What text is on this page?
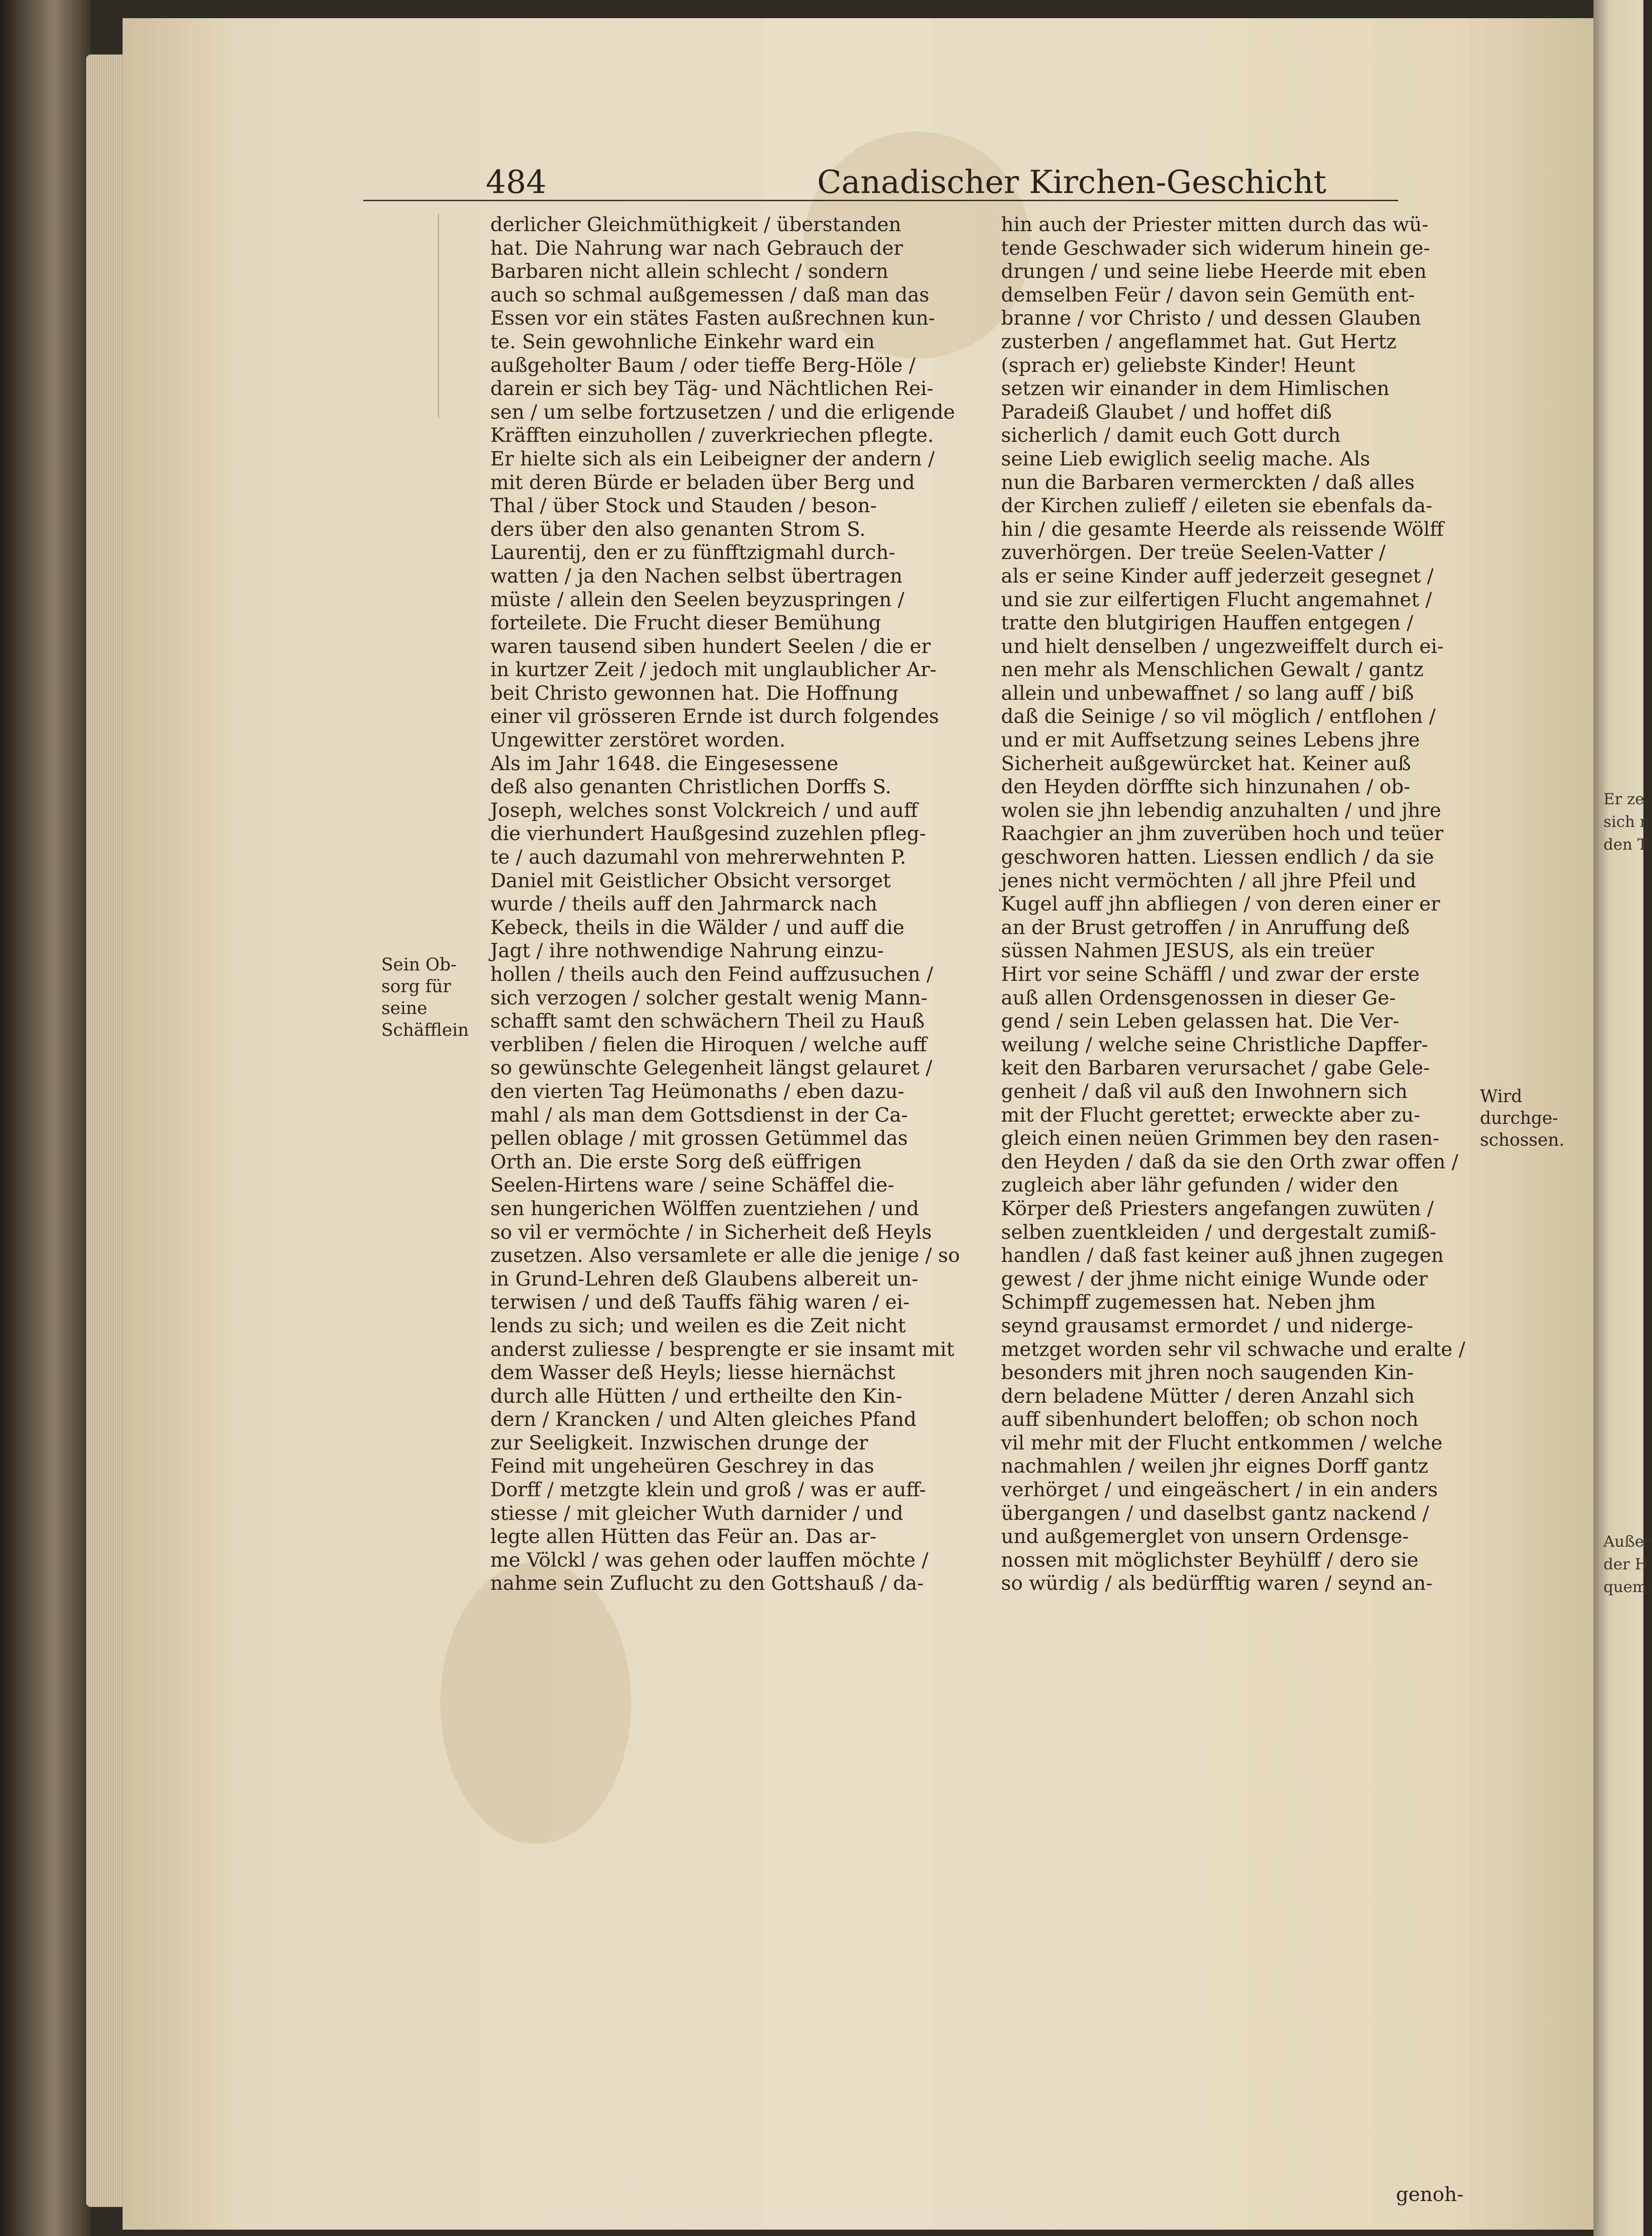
Er ze
sich n
den T
Außer
der H
quem,
484	Canadischer Kirchen-Geschicht
Sein Ob-
sorg für
seine
Schäfflein
Wird
durchge-
schossen.
derlicher Gleichmüthigkeit / überstanden
hat. Die Nahrung war nach Gebrauch der
Barbaren nicht allein schlecht / sondern
auch so schmal außgemessen / daß man das
Essen vor ein stätes Fasten außrechnen kun-
te. Sein gewohnliche Einkehr ward ein
außgeholter Baum / oder tieffe Berg-Höle /
darein er sich bey Täg- und Nächtlichen Rei-
sen / um selbe fortzusetzen / und die erligende
Kräfften einzuhollen / zuverkriechen pflegte.
Er hielte sich als ein Leibeigner der andern /
mit deren Bürde er beladen über Berg und
Thal / über Stock und Stauden / beson-
ders über den also genanten Strom S.
Laurentij, den er zu fünfftzigmahl durch-
watten / ja den Nachen selbst übertragen
müste / allein den Seelen beyzuspringen /
forteilete. Die Frucht dieser Bemühung
waren tausend siben hundert Seelen / die er
in kurtzer Zeit / jedoch mit unglaublicher Ar-
beit Christo gewonnen hat. Die Hoffnung
einer vil grösseren Ernde ist durch folgendes
Ungewitter zerstöret worden.
Als im Jahr 1648. die Eingesessene
deß also genanten Christlichen Dorffs S.
Joseph, welches sonst Volckreich / und auff
die vierhundert Haußgesind zuzehlen pfleg-
te / auch dazumahl von mehrerwehnten P.
Daniel mit Geistlicher Obsicht versorget
wurde / theils auff den Jahrmarck nach
Kebeck, theils in die Wälder / und auff die
Jagt / ihre nothwendige Nahrung einzu-
hollen / theils auch den Feind auffzusuchen /
sich verzogen / solcher gestalt wenig Mann-
schafft samt den schwächern Theil zu Hauß
verbliben / fielen die Hiroquen / welche auff
so gewünschte Gelegenheit längst gelauret /
den vierten Tag Heümonaths / eben dazu-
mahl / als man dem Gottsdienst in der Ca-
pellen oblage / mit grossen Getümmel das
Orth an. Die erste Sorg deß eüffrigen
Seelen-Hirtens ware / seine Schäffel die-
sen hungerichen Wölffen zuentziehen / und
so vil er vermöchte / in Sicherheit deß Heyls
zusetzen. Also versamlete er alle die jenige / so
in Grund-Lehren deß Glaubens albereit un-
terwisen / und deß Tauffs fähig waren / ei-
lends zu sich; und weilen es die Zeit nicht
anderst zuliesse / besprengte er sie insamt mit
dem Wasser deß Heyls; liesse hiernächst
durch alle Hütten / und ertheilte den Kin-
dern / Krancken / und Alten gleiches Pfand
zur Seeligkeit. Inzwischen drunge der
Feind mit ungeheüren Geschrey in das
Dorff / metzgte klein und groß / was er auff-
stiesse / mit gleicher Wuth darnider / und
legte allen Hütten das Feür an. Das ar-
me Völckl / was gehen oder lauffen möchte /
nahme sein Zuflucht zu den Gottshauß / da-
hin auch der Priester mitten durch das wü-
tende Geschwader sich widerum hinein ge-
drungen / und seine liebe Heerde mit eben
demselben Feür / davon sein Gemüth ent-
branne / vor Christo / und dessen Glauben
zusterben / angeflammet hat. Gut Hertz
(sprach er) geliebste Kinder! Heunt
setzen wir einander in dem Himlischen
Paradeiß Glaubet / und hoffet diß
sicherlich / damit euch Gott durch
seine Lieb ewiglich seelig mache. Als
nun die Barbaren vermerckten / daß alles
der Kirchen zulieff / eileten sie ebenfals da-
hin / die gesamte Heerde als reissende Wölff
zuverhörgen. Der treüe Seelen-Vatter /
als er seine Kinder auff jederzeit gesegnet /
und sie zur eilfertigen Flucht angemahnet /
tratte den blutgirigen Hauffen entgegen /
und hielt denselben / ungezweiffelt durch ei-
nen mehr als Menschlichen Gewalt / gantz
allein und unbewaffnet / so lang auff / biß
daß die Seinige / so vil möglich / entflohen /
und er mit Auffsetzung seines Lebens jhre
Sicherheit außgewürcket hat. Keiner auß
den Heyden dörffte sich hinzunahen / ob-
wolen sie jhn lebendig anzuhalten / und jhre
Raachgier an jhm zuverüben hoch und teüer
geschworen hatten. Liessen endlich / da sie
jenes nicht vermöchten / all jhre Pfeil und
Kugel auff jhn abfliegen / von deren einer er
an der Brust getroffen / in Anruffung deß
süssen Nahmen JESUS, als ein treüer
Hirt vor seine Schäffl / und zwar der erste
auß allen Ordensgenossen in dieser Ge-
gend / sein Leben gelassen hat. Die Ver-
weilung / welche seine Christliche Dapffer-
keit den Barbaren verursachet / gabe Gele-
genheit / daß vil auß den Inwohnern sich
mit der Flucht gerettet; erweckte aber zu-
gleich einen neüen Grimmen bey den rasen-
den Heyden / daß da sie den Orth zwar offen /
zugleich aber lähr gefunden / wider den
Körper deß Priesters angefangen zuwüten /
selben zuentkleiden / und dergestalt zumiß-
handlen / daß fast keiner auß jhnen zugegen
gewest / der jhme nicht einige Wunde oder
Schimpff zugemessen hat. Neben jhm
seynd grausamst ermordet / und niderge-
metzget worden sehr vil schwache und eralte /
besonders mit jhren noch saugenden Kin-
dern beladene Mütter / deren Anzahl sich
auff sibenhundert beloffen; ob schon noch
vil mehr mit der Flucht entkommen / welche
nachmahlen / weilen jhr eignes Dorff gantz
verhörget / und eingeäschert / in ein anders
übergangen / und daselbst gantz nackend /
und außgemerglet von unsern Ordensge-
nossen mit möglichster Beyhülff / dero sie
so würdig / als bedürfftig waren / seynd an-
genoh-
